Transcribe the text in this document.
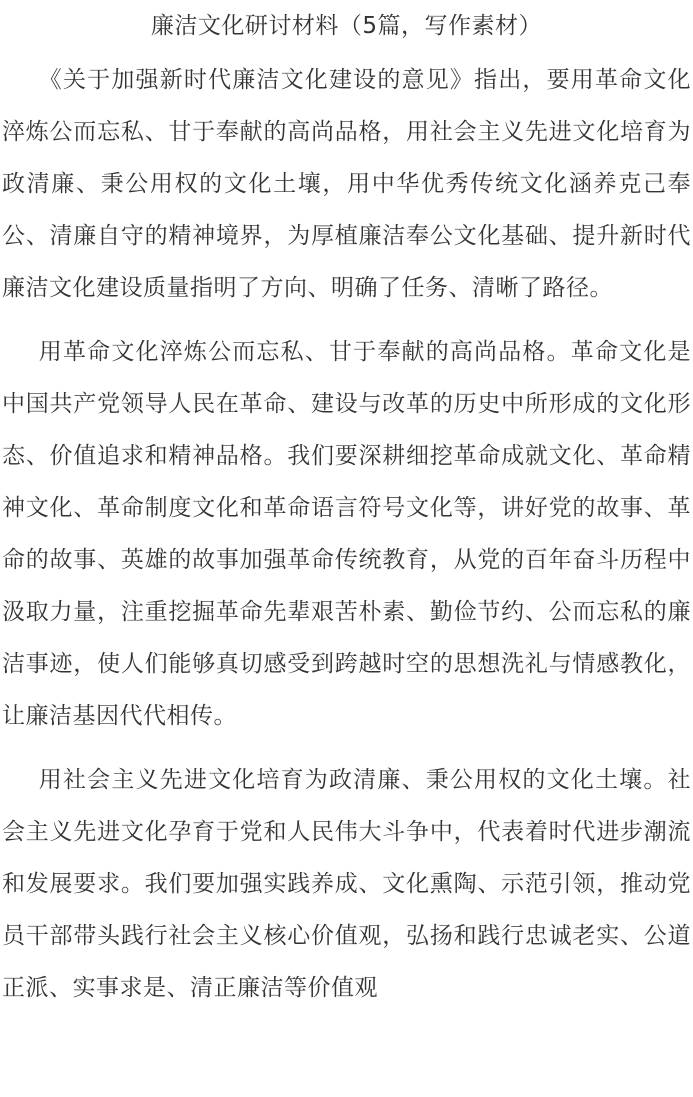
廉洁文化研讨材料（5篇，写作素材）

《关于加强新时代廉洁文化建设的意见》指出，要用革命文化淬炼公而忘私、甘于奉献的高尚品格，用社会主义先进文化培育为政清廉、秉公用权的文化土壤，用中华优秀传统文化涵养克己奉公、清廉自守的精神境界，为厚植廉洁奉公文化基础、提升新时代廉洁文化建设质量指明了方向、明确了任务、清晰了路径。

用革命文化淬炼公而忘私、甘于奉献的高尚品格。革命文化是中国共产党领导人民在革命、建设与改革的历史中所形成的文化形态、价值追求和精神品格。我们要深耕细挖革命成就文化、革命精神文化、革命制度文化和革命语言符号文化等，讲好党的故事、革命的故事、英雄的故事加强革命传统教育，从党的百年奋斗历程中汲取力量，注重挖掘革命先辈艰苦朴素、勤俭节约、公而忘私的廉洁事迹，使人们能够真切感受到跨越时空的思想洗礼与情感教化，让廉洁基因代代相传。

用社会主义先进文化培育为政清廉、秉公用权的文化土壤。社会主义先进文化孕育于党和人民伟大斗争中，代表着时代进步潮流和发展要求。我们要加强实践养成、文化熏陶、示范引领，推动党员干部带头践行社会主义核心价值观，弘扬和践行忠诚老实、公道正派、实事求是、清正廉洁等价值观
